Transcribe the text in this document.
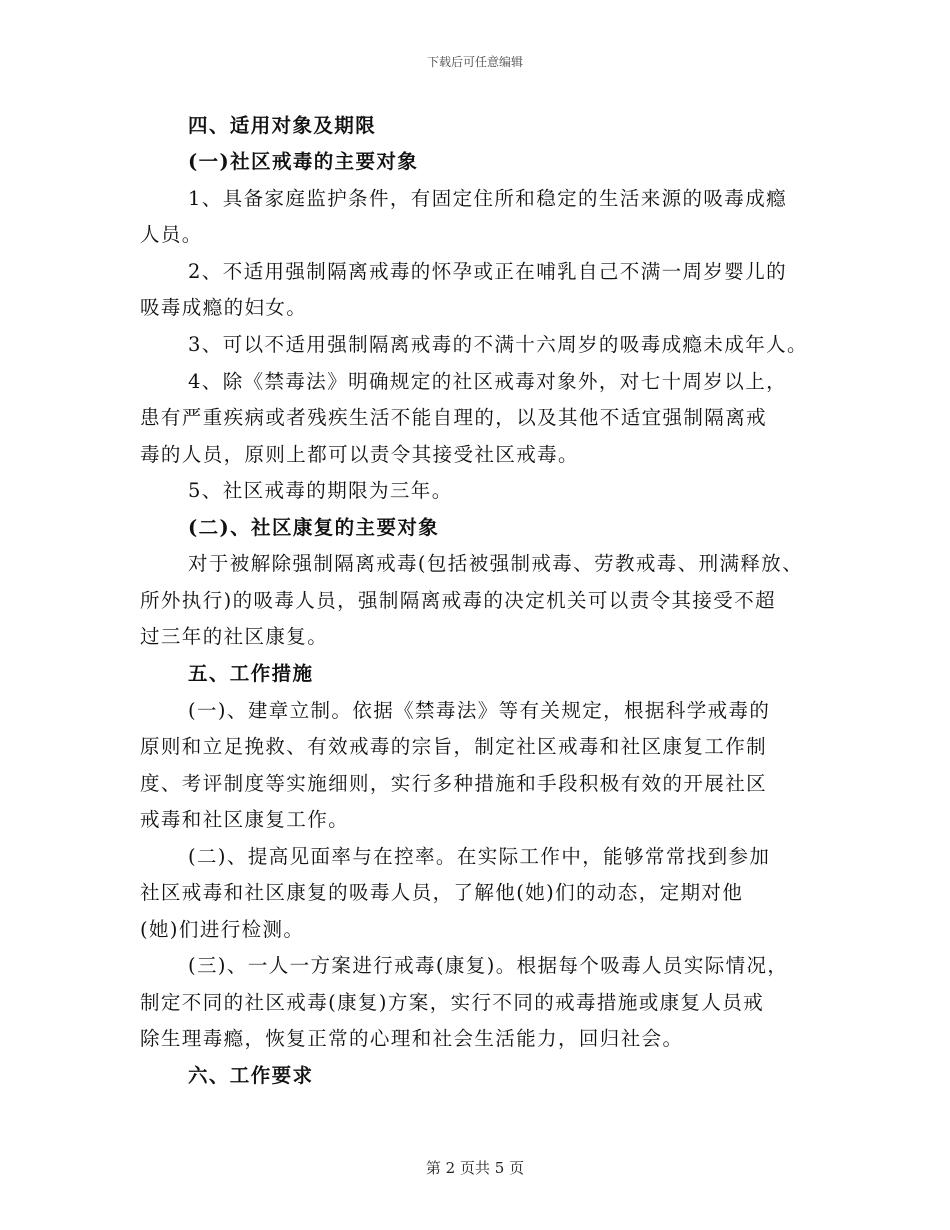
下载后可任意编辑
四、适用对象及期限
(一)社区戒毒的主要对象
1、具备家庭监护条件，有固定住所和稳定的生活来源的吸毒成瘾
人员。
2、不适用强制隔离戒毒的怀孕或正在哺乳自己不满一周岁婴儿的
吸毒成瘾的妇女。
3、可以不适用强制隔离戒毒的不满十六周岁的吸毒成瘾未成年人。
4、除《禁毒法》明确规定的社区戒毒对象外，对七十周岁以上，
患有严重疾病或者残疾生活不能自理的，以及其他不适宜强制隔离戒
毒的人员，原则上都可以责令其接受社区戒毒。
5、社区戒毒的期限为三年。
(二)、社区康复的主要对象
对于被解除强制隔离戒毒(包括被强制戒毒、劳教戒毒、刑满释放、
所外执行)的吸毒人员，强制隔离戒毒的决定机关可以责令其接受不超
过三年的社区康复。
五、工作措施
(一)、建章立制。依据《禁毒法》等有关规定，根据科学戒毒的
原则和立足挽救、有效戒毒的宗旨，制定社区戒毒和社区康复工作制
度、考评制度等实施细则，实行多种措施和手段积极有效的开展社区
戒毒和社区康复工作。
(二)、提高见面率与在控率。在实际工作中，能够常常找到参加
社区戒毒和社区康复的吸毒人员，了解他(她)们的动态，定期对他
(她)们进行检测。
(三)、一人一方案进行戒毒(康复)。根据每个吸毒人员实际情况，
制定不同的社区戒毒(康复)方案，实行不同的戒毒措施或康复人员戒
除生理毒瘾，恢复正常的心理和社会生活能力，回归社会。
六、工作要求
第 2 页共 5 页
